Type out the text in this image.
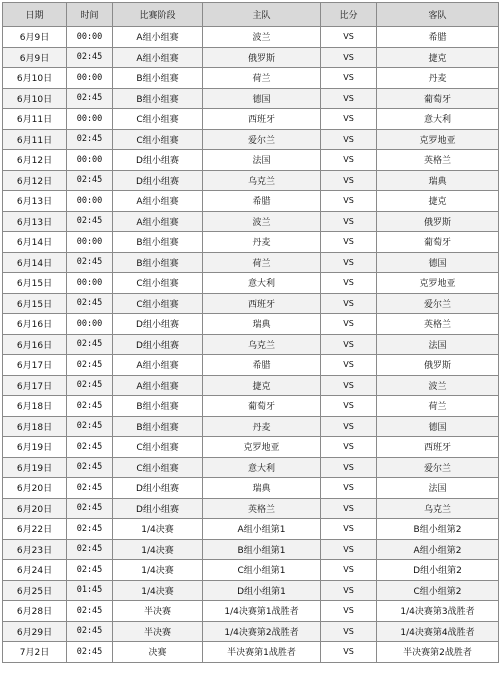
日期	时间	比赛阶段	主队	比分	客队
6月9日	00:00	A组小组赛	波兰	VS	希腊
6月9日	02:45	A组小组赛	俄罗斯	VS	捷克
6月10日	00:00	B组小组赛	荷兰	VS	丹麦
6月10日	02:45	B组小组赛	德国	VS	葡萄牙
6月11日	00:00	C组小组赛	西班牙	VS	意大利
6月11日	02:45	C组小组赛	爱尔兰	VS	克罗地亚
6月12日	00:00	D组小组赛	法国	VS	英格兰
6月12日	02:45	D组小组赛	乌克兰	VS	瑞典
6月13日	00:00	A组小组赛	希腊	VS	捷克
6月13日	02:45	A组小组赛	波兰	VS	俄罗斯
6月14日	00:00	B组小组赛	丹麦	VS	葡萄牙
6月14日	02:45	B组小组赛	荷兰	VS	德国
6月15日	00:00	C组小组赛	意大利	VS	克罗地亚
6月15日	02:45	C组小组赛	西班牙	VS	爱尔兰
6月16日	00:00	D组小组赛	瑞典	VS	英格兰
6月16日	02:45	D组小组赛	乌克兰	VS	法国
6月17日	02:45	A组小组赛	希腊	VS	俄罗斯
6月17日	02:45	A组小组赛	捷克	VS	波兰
6月18日	02:45	B组小组赛	葡萄牙	VS	荷兰
6月18日	02:45	B组小组赛	丹麦	VS	德国
6月19日	02:45	C组小组赛	克罗地亚	VS	西班牙
6月19日	02:45	C组小组赛	意大利	VS	爱尔兰
6月20日	02:45	D组小组赛	瑞典	VS	法国
6月20日	02:45	D组小组赛	英格兰	VS	乌克兰
6月22日	02:45	1/4决赛	A组小组第1	VS	B组小组第2
6月23日	02:45	1/4决赛	B组小组第1	VS	A组小组第2
6月24日	02:45	1/4决赛	C组小组第1	VS	D组小组第2
6月25日	01:45	1/4决赛	D组小组第1	VS	C组小组第2
6月28日	02:45	半决赛	1/4决赛第1战胜者	VS	1/4决赛第3战胜者
6月29日	02:45	半决赛	1/4决赛第2战胜者	VS	1/4决赛第4战胜者
7月2日	02:45	决赛	半决赛第1战胜者	VS	半决赛第2战胜者
